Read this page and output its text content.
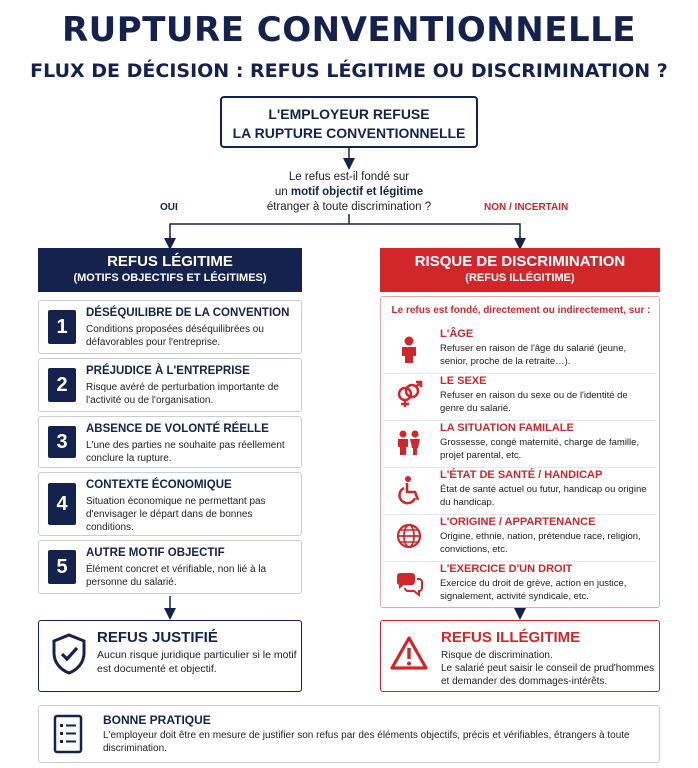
RUPTURE CONVENTIONNELLE
FLUX DE DÉCISION : REFUS LÉGITIME OU DISCRIMINATION ?
L'EMPLOYEUR REFUSE
LA RUPTURE CONVENTIONNELLE
Le refus est-il fondé sur
un motif objectif et légitime
étranger à toute discrimination ?
OUI	NON / INCERTAIN
REFUS LÉGITIME
(MOTIFS OBJECTIFS ET LÉGITIMES)
1
DÉSÉQUILIBRE DE LA CONVENTION
Conditions proposées déséquilibrées ou défavorables pour l'entreprise.
2
PRÉJUDICE À L'ENTREPRISE
Risque avéré de perturbation importante de l'activité ou de l'organisation.
3
ABSENCE DE VOLONTÉ RÉELLE
L'une des parties ne souhaite pas réellement conclure la rupture.
4
CONTEXTE ÉCONOMIQUE
Situation économique ne permettant pas d'envisager le départ dans de bonnes conditions.
5
AUTRE MOTIF OBJECTIF
Élément concret et vérifiable, non lié à la personne du salarié.
RISQUE DE DISCRIMINATION
(REFUS ILLÉGITIME)
Le refus est fondé, directement ou indirectement, sur :
L'ÂGE
Refuser en raison de l'âge du salarié (jeune, senior, proche de la retraite…).
LE SEXE
Refuser en raison du sexe ou de l'identité de genre du salarié.
LA SITUATION FAMILALE
Grossesse, congé maternité, charge de famille, projet parental, etc.
L'ÉTAT DE SANTÉ / HANDICAP
État de santé actuel ou futur, handicap ou origine du handicap.
L'ORIGINE / APPARTENANCE
Origine, ethnie, nation, prétendue race, religion, convictions, etc.
L'EXERCICE D'UN DROIT
Exercice du droit de grève, action en justice, signalement, activité syndicale, etc.
REFUS JUSTIFIÉ
Aucun risque juridique particulier si le motif est documenté et objectif.
REFUS ILLÉGITIME
Risque de discrimination.
Le salarié peut saisir le conseil de prud'hommes et demander des dommages-intérêts.
BONNE PRATIQUE
L'employeur doit être en mesure de justifier son refus par des éléments objectifs, précis et vérifiables, étrangers à toute discrimination.
